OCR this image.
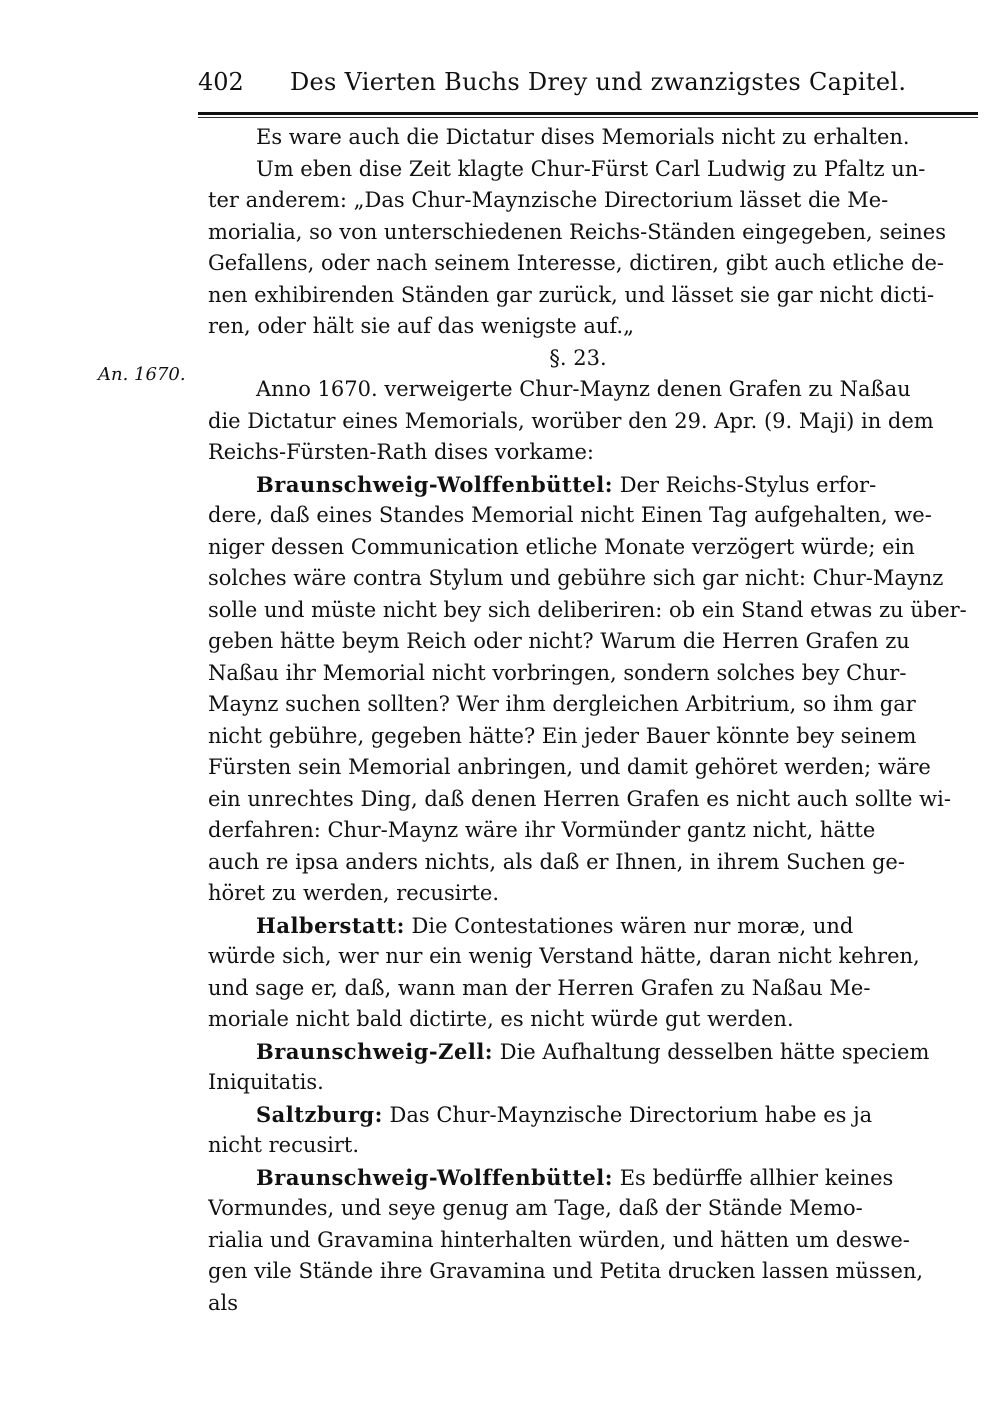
402 Des Vierten Buchs Drey und zwanzigstes Capitel.
An. 1670.
Es ware auch die Dictatur dises Memorials nicht zu erhalten.
Um eben dise Zeit klagte Chur-Fürst Carl Ludwig zu Pfaltz un-
ter anderem: „Das Chur-Maynzische Directorium lässet die Me-
morialia, so von unterschiedenen Reichs-Ständen eingegeben, seines
Gefallens, oder nach seinem Interesse, dictiren, gibt auch etliche de-
nen exhibirenden Ständen gar zurück, und lässet sie gar nicht dicti-
ren, oder hält sie auf das wenigste auf.„
§. 23.
Anno 1670. verweigerte Chur-Maynz denen Grafen zu Naßau
die Dictatur eines Memorials, worüber den 29. Apr. (9. Maji) in dem
Reichs-Fürsten-Rath dises vorkame:
Braunschweig-Wolffenbüttel: Der Reichs-Stylus erfor-
dere, daß eines Standes Memorial nicht Einen Tag aufgehalten, we-
niger dessen Communication etliche Monate verzögert würde; ein
solches wäre contra Stylum und gebühre sich gar nicht: Chur-Maynz
solle und müste nicht bey sich deliberiren: ob ein Stand etwas zu über-
geben hätte beym Reich oder nicht? Warum die Herren Grafen zu
Naßau ihr Memorial nicht vorbringen, sondern solches bey Chur-
Maynz suchen sollten? Wer ihm dergleichen Arbitrium, so ihm gar
nicht gebühre, gegeben hätte? Ein jeder Bauer könnte bey seinem
Fürsten sein Memorial anbringen, und damit gehöret werden; wäre
ein unrechtes Ding, daß denen Herren Grafen es nicht auch sollte wi-
derfahren: Chur-Maynz wäre ihr Vormünder gantz nicht, hätte
auch re ipsa anders nichts, als daß er Ihnen, in ihrem Suchen ge-
höret zu werden, recusirte.
Halberstatt: Die Contestationes wären nur moræ, und
würde sich, wer nur ein wenig Verstand hätte, daran nicht kehren,
und sage er, daß, wann man der Herren Grafen zu Naßau Me-
moriale nicht bald dictirte, es nicht würde gut werden.
Braunschweig-Zell: Die Aufhaltung desselben hätte speciem
Iniquitatis.
Saltzburg: Das Chur-Maynzische Directorium habe es ja
nicht recusirt.
Braunschweig-Wolffenbüttel: Es bedürffe allhier keines
Vormundes, und seye genug am Tage, daß der Stände Memo-
rialia und Gravamina hinterhalten würden, und hätten um deswe-
gen vile Stände ihre Gravamina und Petita drucken lassen müssen,
als
